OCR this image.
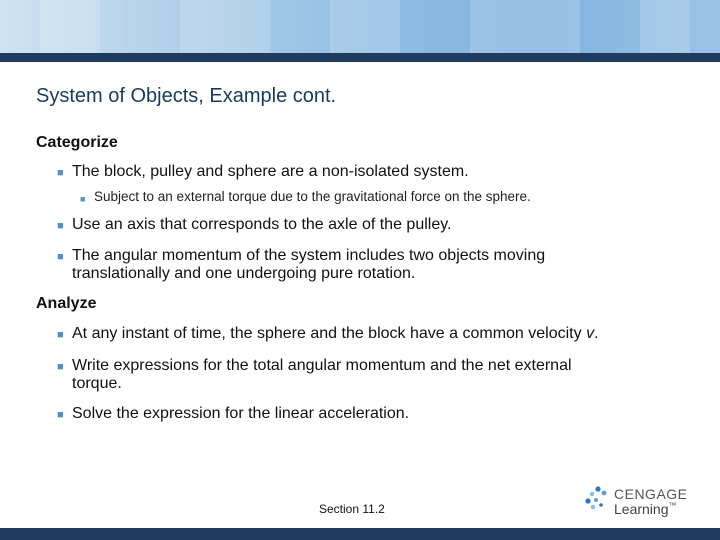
System of Objects, Example cont.
Categorize
■ The block, pulley and sphere are a non-isolated system.
■ Subject to an external torque due to the gravitational force on the sphere.
■ Use an axis that corresponds to the axle of the pulley.
■ The angular momentum of the system includes two objects moving
translationally and one undergoing pure rotation.
Analyze
■ At any instant of time, the sphere and the block have a common velocity v.
■ Write expressions for the total angular momentum and the net external
torque.
■ Solve the expression for the linear acceleration.
Section 11.2
CENGAGE
Learning™
